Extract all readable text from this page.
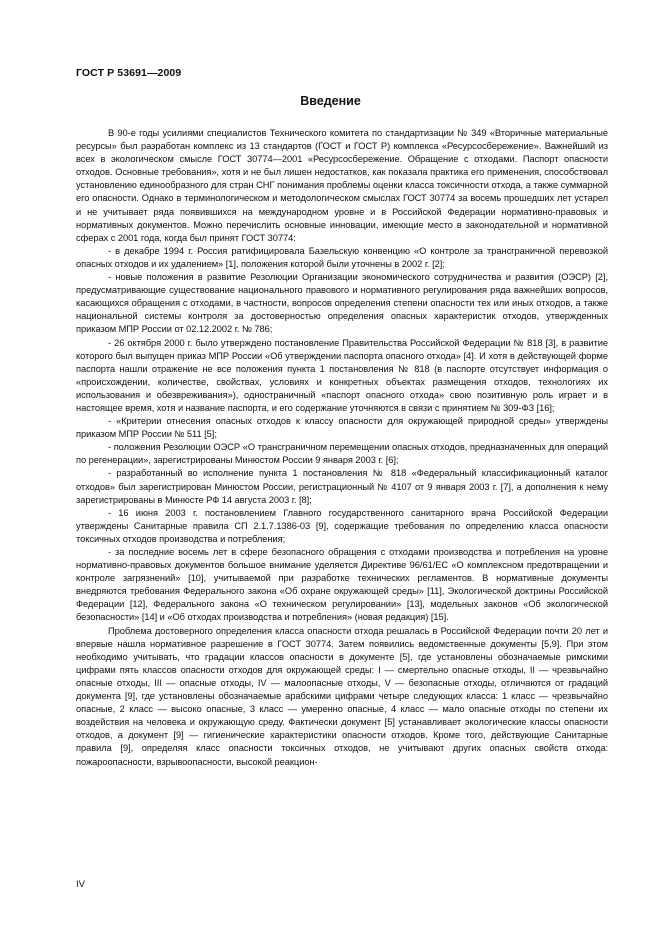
ГОСТ Р 53691—2009
Введение

В 90-е годы усилиями специалистов Технического комитета по стандартизации № 349 «Вторичные материальные ресурсы» был разработан комплекс из 13 стандартов (ГОСТ и ГОСТ Р) комплекса «Ресурсосбережение». Важнейший из всех в экологическом смысле ГОСТ 30774—2001 «Ресурсосбережение. Обращение с отходами. Паспорт опасности отходов. Основные требования», хотя и не был лишен недостатков, как показала практика его применения, способствовал установлению единообразного для стран СНГ понимания проблемы оценки класса токсичности отхода, а также суммарной его опасности. Однако в терминологическом и методологическом смыслах ГОСТ 30774 за восемь прошедших лет устарел и не учитывает ряда появившихся на международном уровне и в Российской Федерации нормативно-правовых и нормативных документов. Можно перечислить основные инновации, имеющие место в законодательной и нормативной сферах с 2001 года, когда был принят ГОСТ 30774:

- в декабре 1994 г. Россия ратифицировала Базельскую конвенцию «О контроле за трансграничной перевозкой опасных отходов и их удалением» [1], положения которой были уточнены в 2002 г. [2];

- новые положения в развитие Резолюции Организации экономического сотрудничества и развития (ОЭСР) [2], предусматривающие существование национального правового и нормативного регулирования ряда важнейших вопросов, касающихся обращения с отходами, в частности, вопросов определения степени опасности тех или иных отходов, а также национальной системы контроля за достоверностью определения опасных характеристик отходов, утвержденных приказом МПР России от 02.12.2002 г. № 786;

- 26 октября 2000 г. было утверждено постановление Правительства Российской Федерации № 818 [3], в развитие которого был выпущен приказ МПР России «Об утверждении паспорта опасного отхода» [4]. И хотя в действующей форме паспорта нашли отражение не все положения пункта 1 постановления № 818 (в паспорте отсутствует информация о «происхождении, количестве, свойствах, условиях и конкретных объектах размещения отходов, технологиях их использования и обезвреживания»), одностраничный «паспорт опасного отхода» свою позитивную роль играет и в настоящее время, хотя и название паспорта, и его содержание уточняются в связи с принятием № 309-ФЗ [16];

- «Критерии отнесения опасных отходов к классу опасности для окружающей природной среды» утверждены приказом МПР России № 511 [5];

- положения Резолюции ОЭСР «О трансграничном перемещении опасных отходов, предназначенных для операций по регенерации», зарегистрированы Минюстом России 9 января 2003 г. [6];

- разработанный во исполнение пункта 1 постановления № 818 «Федеральный классификационный каталог отходов» был зарегистрирован Минюстом России, регистрационный № 4107 от 9 января 2003 г. [7], а дополнения к нему зарегистрированы в Минюсте РФ 14 августа 2003 г. [8];

- 16 июня 2003 г. постановлением Главного государственного санитарного врача Российской Федерации утверждены Санитарные правила СП 2.1.7.1386-03 [9], содержащие требования по определению класса опасности токсичных отходов производства и потребления;

- за последние восемь лет в сфере безопасного обращения с отходами производства и потребления на уровне нормативно-правовых документов большое внимание уделяется Директиве 96/61/ЕС «О комплексном предотвращении и контроле загрязнений» [10], учитываемой при разработке технических регламентов. В нормативные документы внедряются требования Федерального закона «Об охране окружающей среды» [11], Экологической доктрины Российской Федерации [12], Федерального закона «О техническом регулировании» [13], модельных законов «Об экологической безопасности» [14] и «Об отходах производства и потребления» (новая редакция) [15].

Проблема достоверного определения класса опасности отхода решалась в Российской Федерации почти 20 лет и впервые нашла нормативное разрешение в ГОСТ 30774. Затем появились ведомственные документы [5,9]. При этом необходимо учитывать, что градации классов опасности в документе [5], где установлены обозначаемые римскими цифрами пять классов опасности отходов для окружающей среды: I — смертельно опасные отходы, II — чрезвычайно опасные отходы, III — опасные отходы, IV — малоопасные отходы, V — безопасные отходы, отличаются от градаций документа [9], где установлены обозначаемые арабскими цифрами четыре следующих класса: 1 класс — чрезвычайно опасные, 2 класс — высоко опасные, 3 класс — умеренно опасные, 4 класс — мало опасные отходы по степени их воздействия на человека и окружающую среду. Фактически документ [5] устанавливает экологические классы опасности отходов, а документ [9] — гигиенические характеристики опасности отходов. Кроме того, действующие Санитарные правила [9], определяя класс опасности токсичных отходов, не учитывают других опасных свойств отхода: пожароопасности, взрывоопасности, высокой реакцион-

IV
